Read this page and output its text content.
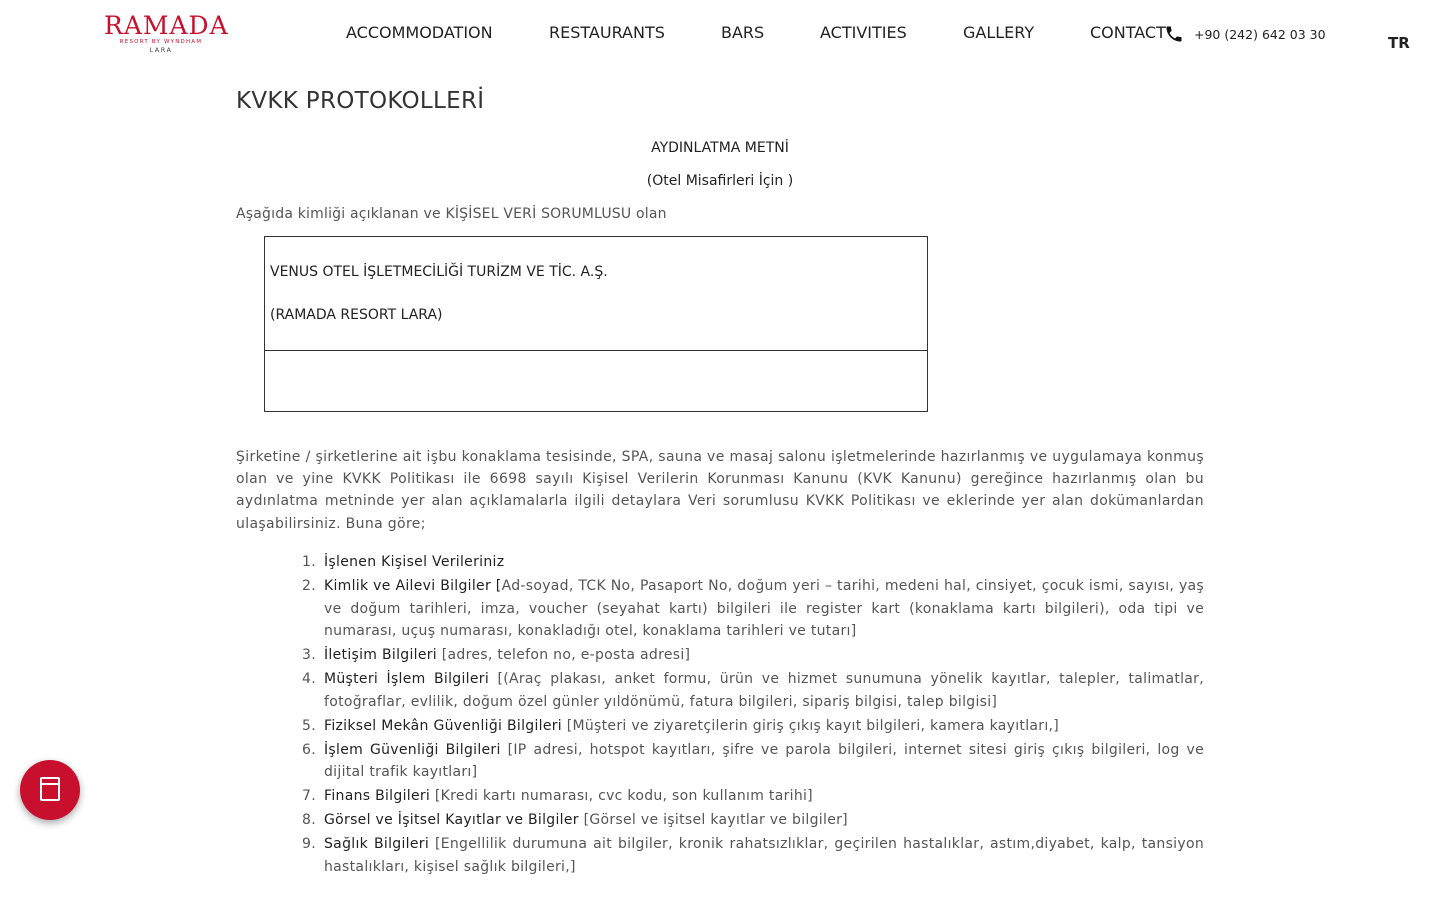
RAMADA
RESORT BY WYNDHAM
LARA
ACCOMMODATION	RESTAURANTS	BARS	ACTIVITIES	GALLERY	CONTACT +90 (242) 642 03 30	TR
KVKK PROTOKOLLERİ
AYDINLATMA METNİ
(Otel Misafirleri İçin )
Aşağıda kimliği açıklanan ve KİŞİSEL VERİ SORUMLUSU olan
VENUS OTEL İŞLETMECİLİĞİ TURİZM VE TİC. A.Ş.
(RAMADA RESORT LARA)

Şirketine / şirketlerine ait işbu konaklama tesisinde, SPA, sauna ve masaj salonu işletmelerinde hazırlanmış ve uygulamaya konmuş olan ve yine KVKK Politikası ile 6698 sayılı Kişisel Verilerin Korunması Kanunu (KVK Kanunu) gereğince hazırlanmış olan bu aydınlatma metninde yer alan açıklamalarla ilgili detaylara Veri sorumlusu KVKK Politikası ve eklerinde yer alan dokümanlardan ulaşabilirsiniz. Buna göre;

1. İşlenen Kişisel Verileriniz
2. Kimlik ve Ailevi Bilgiler [Ad-soyad, TCK No, Pasaport No, doğum yeri – tarihi, medeni hal, cinsiyet, çocuk ismi, sayısı, yaş ve doğum tarihleri, imza, voucher (seyahat kartı) bilgileri ile register kart (konaklama kartı bilgileri), oda tipi ve numarası, uçuş numarası, konakladığı otel, konaklama tarihleri ve tutarı]
3. İletişim Bilgileri [adres, telefon no, e-posta adresi]
4. Müşteri İşlem Bilgileri [(Araç plakası, anket formu, ürün ve hizmet sunumuna yönelik kayıtlar, talepler, talimatlar, fotoğraflar, evlilik, doğum özel günler yıldönümü, fatura bilgileri, sipariş bilgisi, talep bilgisi]
5. Fiziksel Mekân Güvenliği Bilgileri [Müşteri ve ziyaretçilerin giriş çıkış kayıt bilgileri, kamera kayıtları,]
6. İşlem Güvenliği Bilgileri [IP adresi, hotspot kayıtları, şifre ve parola bilgileri, internet sitesi giriş çıkış bilgileri, log ve dijital trafik kayıtları]
7. Finans Bilgileri [Kredi kartı numarası, cvc kodu, son kullanım tarihi]
8. Görsel ve İşitsel Kayıtlar ve Bilgiler [Görsel ve işitsel kayıtlar ve bilgiler]
9. Sağlık Bilgileri [Engellilik durumuna ait bilgiler, kronik rahatsızlıklar, geçirilen hastalıklar, astım,diyabet, kalp, tansiyon hastalıkları, kişisel sağlık bilgileri,]
